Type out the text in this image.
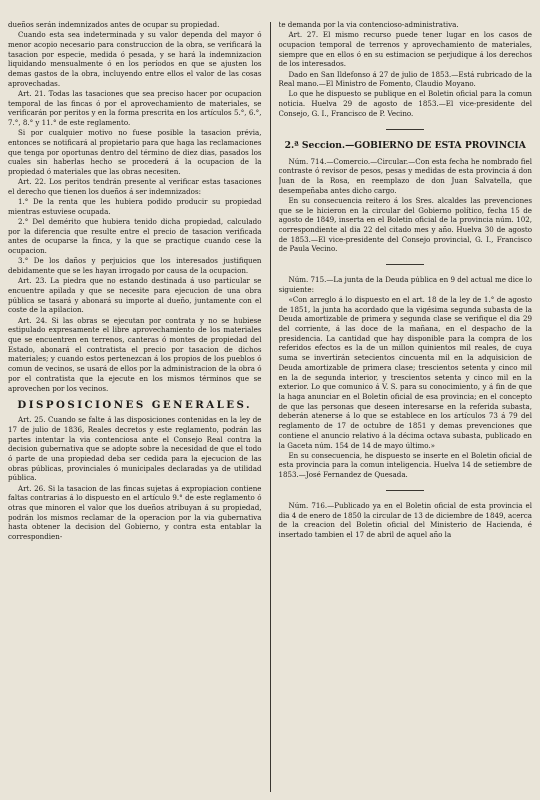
dueños serán indemnizados antes de ocupar su propiedad.

Cuando esta sea indeterminada y su valor dependa del mayor ó menor acopio necesario para construccion de la obra, se verificará la tasacion por especie, medida ó pesada, y se hará la indemnizacion liquidando mensualmente ó en los períodos en que se ajusten los demas gastos de la obra, incluyendo entre ellos el valor de las cosas aprovechadas.

Art. 21. Todas las tasaciones que sea preciso hacer por ocupacion temporal de las fincas ó por el aprovechamiento de materiales, se verificarán por peritos y en la forma prescrita en los artículos 5.°, 6.°, 7.°, 8.° y 11.° de este reglamento.

Si por cualquier motivo no fuese posible la tasacion prévia, entonces se notificará al propietario para que haga las reclamaciones que tenga por oportunas dentro del término de diez dias, pasados los cuales sin haberlas hecho se procederá á la ocupacion de la propiedad ó materiales que las obras necesiten.

Art. 22. Los peritos tendrán presente al verificar estas tasaciones el derecho que tienen los dueños á ser indemnizados:

1.° De la renta que les hubiera podido producir su propiedad mientras estuviese ocupada.

2.° Del demérito que hubiera tenido dicha propiedad, calculado por la diferencia que resulte entre el precio de tasacion verificada antes de ocuparse la finca, y la que se practique cuando cese la ocupacion.

3.° De los daños y perjuicios que los interesados justifiquen debidamente que se les hayan irrogado por causa de la ocupacion.

Art. 23. La piedra que no estando destinada á uso particular se encuentre apilada y que se necesite para ejecucion de una obra pública se tasará y abonará su importe al dueño, juntamente con el coste de la apilacion.

Art. 24. Si las obras se ejecutan por contrata y no se hubiese estipulado expresamente el libre aprovechamiento de los materiales que se encuentren en terrenos, canteras ó montes de propiedad del Estado, abonará el contratista el precio por tasacion de dichos materiales; y cuando estos pertenezcan á los propios de los pueblos ó comun de vecinos, se usará de ellos por la administracion de la obra ó por el contratista que la ejecute en los mismos términos que se aprovechen por los vecinos.

DISPOSICIONES GENERALES.

Art. 25. Cuando se falte á las disposiciones contenidas en la ley de 17 de julio de 1836, Reales decretos y este reglamento, podrán las partes intentar la via contenciosa ante el Consejo Real contra la decision gubernativa que se adopte sobre la necesidad de que el todo ó parte de una propiedad deba ser cedida para la ejecucion de las obras públicas, provinciales ó municipales declaradas ya de utilidad pública.

Art. 26. Si la tasacion de las fincas sujetas á expropiacion contiene faltas contrarias á lo dispuesto en el artículo 9.° de este reglamento ó otras que minoren el valor que los dueños atribuyan á su propiedad, podrán los mismos reclamar de la operacion por la via gubernativa hasta obtener la decision del Gobierno, y contra esta entablar la correspondien-

te demanda por la via contencioso-administrativa.

Art. 27. El mismo recurso puede tener lugar en los casos de ocupacion temporal de terrenos y aprovechamiento de materiales, siempre que en ellos ó en su estimacion se perjudique á los derechos de los interesados.

Dado en San Ildefonso á 27 de julio de 1853.—Está rubricado de la Real mano.—El Ministro de Fomento, Claudio Moyano.

Lo que he dispuesto se publique en el Boletin oficial para la comun noticia. Huelva 29 de agosto de 1853.—El vice-presidente del Consejo, G. I., Francisco de P. Vecino.

2.ª Seccion.—GOBIERNO DE ESTA PROVINCIA

Núm. 714.—Comercio.—Circular.—Con esta fecha he nombrado fiel contraste ó revisor de pesos, pesas y medidas de esta provincia á don Juan de la Rosa, en reemplazo de don Juan Salvatella, que desempeñaba antes dicho cargo.

En su consecuencia reitero á los Sres. alcaldes las prevenciones que se le hicieron en la circular del Gobierno político, fecha 15 de agosto de 1849, inserta en el Boletin oficial de la provincia núm. 102, correspondiente al dia 22 del citado mes y año. Huelva 30 de agosto de 1853.—El vice-presidente del Consejo provincial, G. I., Francisco de Paula Vecino.

Núm. 715.—La junta de la Deuda pública en 9 del actual me dice lo siguiente:

«Con arreglo á lo dispuesto en el art. 18 de la ley de 1.° de agosto de 1851, la junta ha acordado que la vigésima segunda subasta de la Deuda amortizable de primera y segunda clase se verifique el dia 29 del corriente, á las doce de la mañana, en el despacho de la presidencia. La cantidad que hay disponible para la compra de los referidos efectos es la de un millon quinientos mil reales, de cuya suma se invertirán setecientos cincuenta mil en la adquisicion de Deuda amortizable de primera clase; trescientos setenta y cinco mil en la de segunda interior, y trescientos setenta y cinco mil en la exterior. Lo que comunico á V. S. para su conocimiento, y á fin de que la haga anunciar en el Boletin oficial de esa provincia; en el concepto de que las personas que deseen interesarse en la referida subasta, deberán atenerse á lo que se establece en los artículos 73 á 79 del reglamento de 17 de octubre de 1851 y demas prevenciones que contiene el anuncio relativo á la décima octava subasta, publicado en la Gaceta núm. 154 de 14 de mayo último.»

En su consecuencia, he dispuesto se inserte en el Boletin oficial de esta provincia para la comun inteligencia. Huelva 14 de setiembre de 1853.—José Fernandez de Quesada.

Núm. 716.—Publicado ya en el Boletin oficial de esta provincia el dia 4 de enero de 1850 la circular de 13 de diciembre de 1849, acerca de la creacion del Boletin oficial del Ministerio de Hacienda, é insertado tambien el 17 de abril de aquel año la
